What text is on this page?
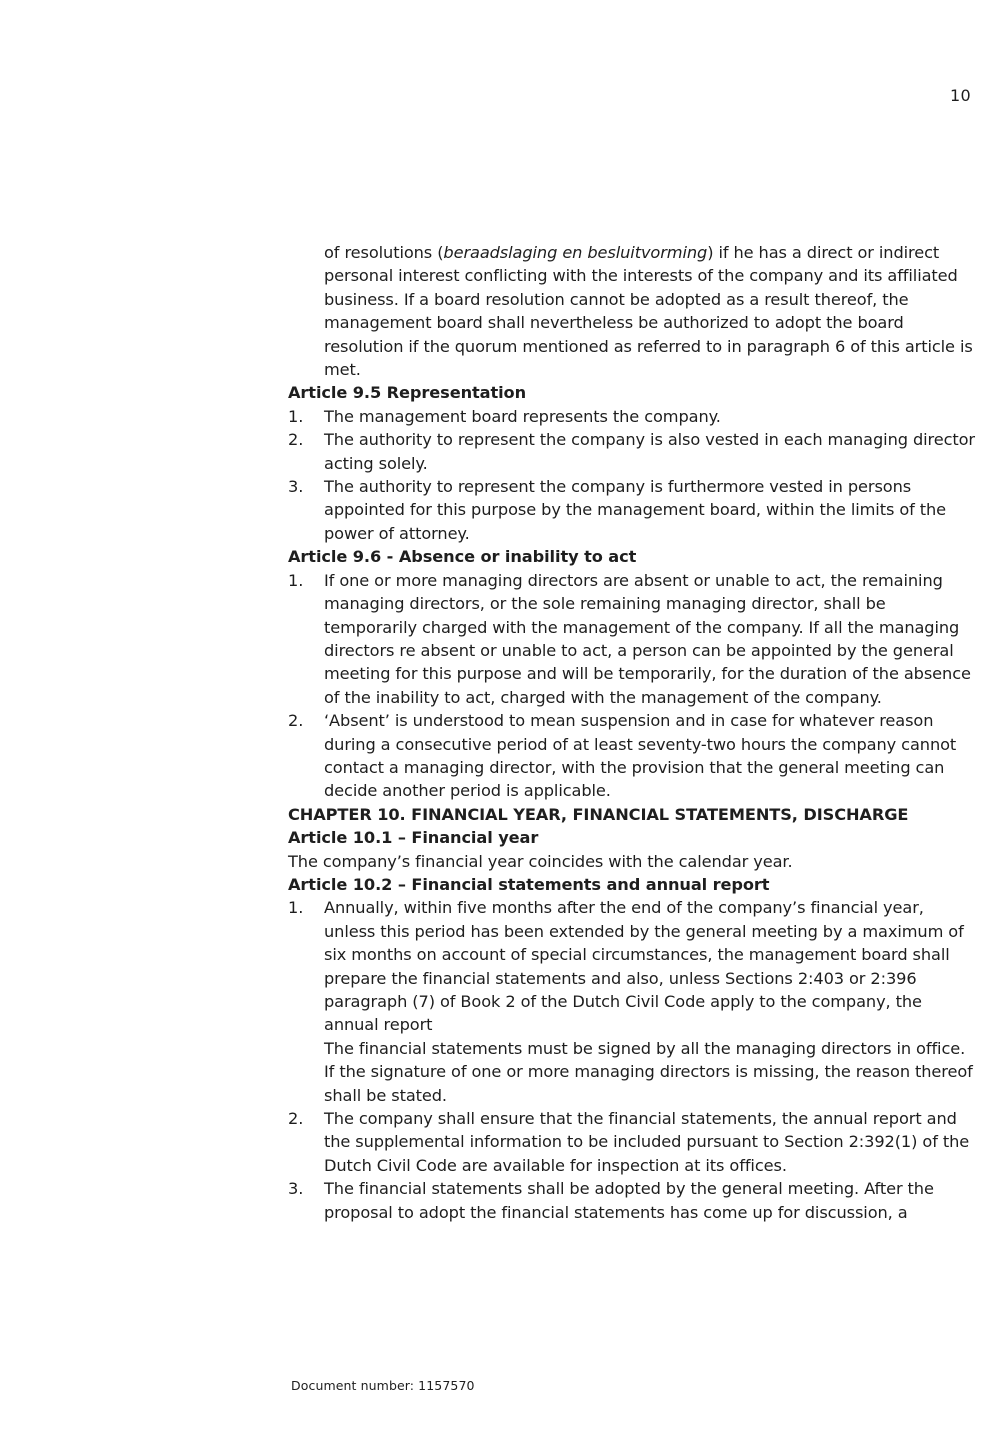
10

of resolutions (beraadslaging en besluitvorming) if he has a direct or indirect personal interest conflicting with the interests of the company and its affiliated business. If a board resolution cannot be adopted as a result thereof, the management board shall nevertheless be authorized to adopt the board resolution if the quorum mentioned as referred to in paragraph 6 of this article is met.

Article 9.5 Representation

1. The management board represents the company.
2. The authority to represent the company is also vested in each managing director acting solely.
3. The authority to represent the company is furthermore vested in persons appointed for this purpose by the management board, within the limits of the power of attorney.

Article 9.6 - Absence or inability to act

1. If one or more managing directors are absent or unable to act, the remaining managing directors, or the sole remaining managing director, shall be temporarily charged with the management of the company. If all the managing directors re absent or unable to act, a person can be appointed by the general meeting for this purpose and will be temporarily, for the duration of the absence of the inability to act, charged with the management of the company.
2. ‘Absent’ is understood to mean suspension and in case for whatever reason during a consecutive period of at least seventy-two hours the company cannot contact a managing director, with the provision that the general meeting can decide another period is applicable.

CHAPTER 10. FINANCIAL YEAR, FINANCIAL STATEMENTS, DISCHARGE

Article 10.1 – Financial year

The company’s financial year coincides with the calendar year.

Article 10.2 – Financial statements and annual report

1. Annually, within five months after the end of the company’s financial year, unless this period has been extended by the general meeting by a maximum of six months on account of special circumstances, the management board shall prepare the financial statements and also, unless Sections 2:403 or 2:396 paragraph (7) of Book 2 of the Dutch Civil Code apply to the company, the annual report
The financial statements must be signed by all the managing directors in office. If the signature of one or more managing directors is missing, the reason thereof shall be stated.
2. The company shall ensure that the financial statements, the annual report and the supplemental information to be included pursuant to Section 2:392(1) of the Dutch Civil Code are available for inspection at its offices.
3. The financial statements shall be adopted by the general meeting. After the proposal to adopt the financial statements has come up for discussion, a
Document number: 1157570
